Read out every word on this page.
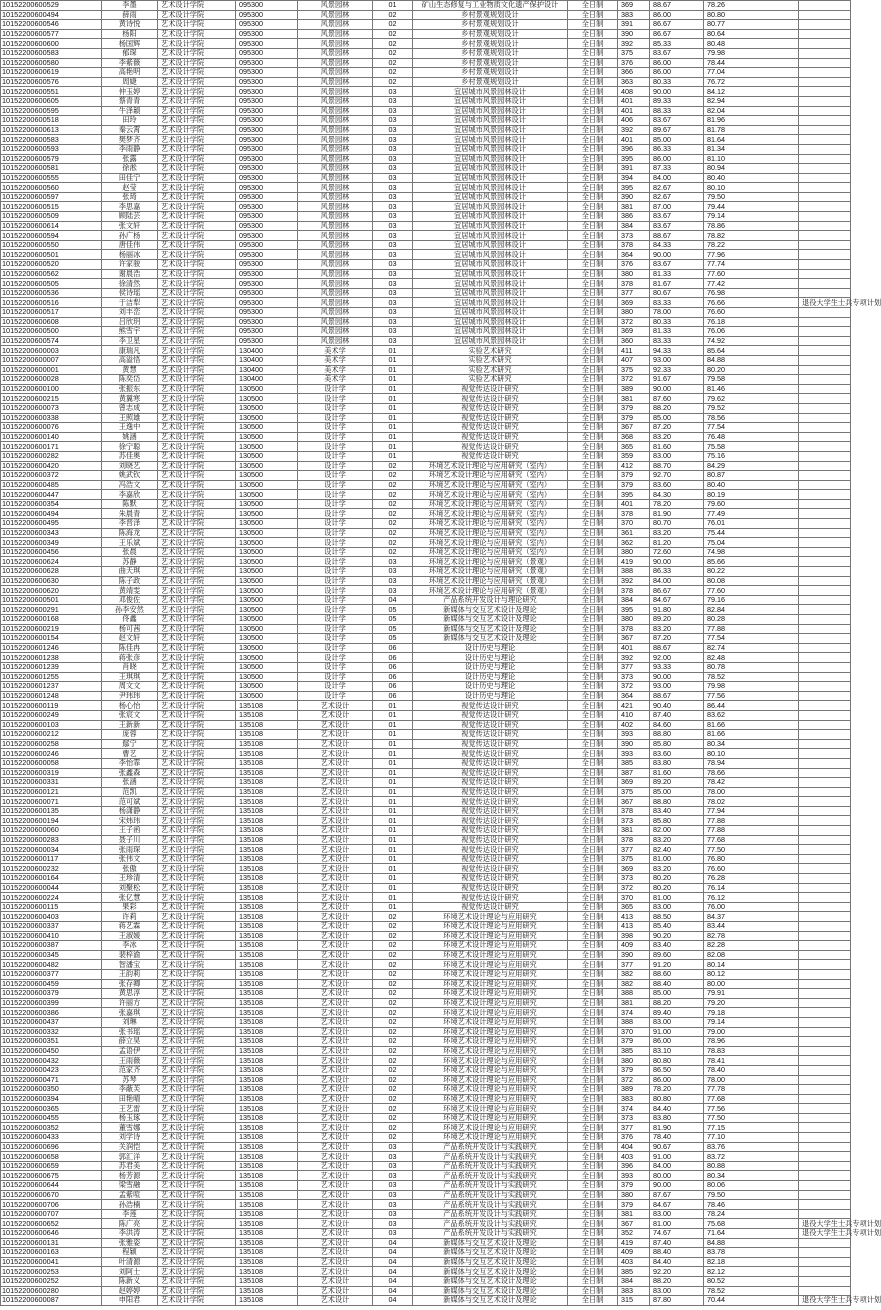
10152200600529	李墨	艺术设计学院	095300	风景园林	01	矿山生态修复与工业物质文化遗产保护设计	全日制	369	88.67	78.26	
10152200600494	薛雨	艺术设计学院	095300	风景园林	02	乡村景观规划设计	全日制	383	86.00	80.80	
10152200600546	黄诗悦	艺术设计学院	095300	风景园林	02	乡村景观规划设计	全日制	391	86.67	80.77	
10152200600577	杨阳	艺术设计学院	095300	风景园林	02	乡村景观规划设计	全日制	390	86.67	80.64	
10152200600600	杨国辉	艺术设计学院	095300	风景园林	02	乡村景观规划设计	全日制	392	85.33	80.48	
10152200600583	郁琛	艺术设计学院	095300	风景园林	02	乡村景观规划设计	全日制	375	83.67	79.98	
10152200600580	李紫薇	艺术设计学院	095300	风景园林	02	乡村景观规划设计	全日制	376	86.00	78.44	
10152200600619	高艳明	艺术设计学院	095300	风景园林	02	乡村景观规划设计	全日制	366	86.00	77.04	
10152200600576	周婕	艺术设计学院	095300	风景园林	02	乡村景观规划设计	全日制	363	80.33	76.72	
10152200600551	仲玉婷	艺术设计学院	095300	风景园林	03	宜居城市风景园林设计	全日制	408	90.00	84.12	
10152200600605	蔡青青	艺术设计学院	095300	风景园林	03	宜居城市风景园林设计	全日制	401	89.33	82.94	
10152200600595	牛泽颖	艺术设计学院	095300	风景园林	03	宜居城市风景园林设计	全日制	401	88.33	82.04	
10152200600518	田玲	艺术设计学院	095300	风景园林	03	宜居城市风景园林设计	全日制	406	83.67	81.96	
10152200600613	秦云霄	艺术设计学院	095300	风景园林	03	宜居城市风景园林设计	全日制	392	89.67	81.78	
10152200600583	樊梦齐	艺术设计学院	095300	风景园林	03	宜居城市风景园林设计	全日制	401	85.00	81.64	
10152200600593	李雨静	艺术设计学院	095300	风景园林	03	宜居城市风景园林设计	全日制	396	86.33	81.34	
10152200600579	张露	艺术设计学院	095300	风景园林	03	宜居城市风景园林设计	全日制	395	86.00	81.10	
10152200600581	徐淞	艺术设计学院	095300	风景园林	03	宜居城市风景园林设计	全日制	391	87.33	80.94	
10152200600555	田佳宁	艺术设计学院	095300	风景园林	03	宜居城市风景园林设计	全日制	394	84.00	80.40	
10152200600560	赵莹	艺术设计学院	095300	风景园林	03	宜居城市风景园林设计	全日制	395	82.67	80.10	
10152200600597	张琦	艺术设计学院	095300	风景园林	03	宜居城市风景园林设计	全日制	390	82.67	79.50	
10152200600515	李思嘉	艺术设计学院	095300	风景园林	03	宜居城市风景园林设计	全日制	381	87.00	79.44	
10152200600509	顾陆芸	艺术设计学院	095300	风景园林	03	宜居城市风景园林设计	全日制	386	83.67	79.14	
10152200600614	张文轩	艺术设计学院	095300	风景园林	03	宜居城市风景园林设计	全日制	384	83.67	78.86	
10152200600594	孙广杨	艺术设计学院	095300	风景园林	03	宜居城市风景园林设计	全日制	373	88.67	78.82	
10152200600550	唐佳伟	艺术设计学院	095300	风景园林	03	宜居城市风景园林设计	全日制	378	84.33	78.22	
10152200600501	杨丽冰	艺术设计学院	095300	风景园林	03	宜居城市风景园林设计	全日制	364	90.00	77.96	
10152200600520	许家骏	艺术设计学院	095300	风景园林	03	宜居城市风景园林设计	全日制	376	83.67	77.74	
10152200600562	谢晨浩	艺术设计学院	095300	风景园林	03	宜居城市风景园林设计	全日制	380	81.33	77.60	
10152200600505	徐清然	艺术设计学院	095300	风景园林	03	宜居城市风景园林设计	全日制	378	81.67	77.42	
10152200600536	侯诗瑶	艺术设计学院	095300	风景园林	03	宜居城市风景园林设计	全日制	377	80.67	76.98	
10152200600516	于洁犁	艺术设计学院	095300	风景园林	03	宜居城市风景园林设计	全日制	369	83.33	76.66	退役大学生士兵专项计划
10152200600517	刘丰峦	艺术设计学院	095300	风景园林	03	宜居城市风景园林设计	全日制	380	78.00	76.60	
10152200600608	吕欣玥	艺术设计学院	095300	风景园林	03	宜居城市风景园林设计	全日制	372	80.33	76.18	
10152200600500	熊雪宇	艺术设计学院	095300	风景园林	03	宜居城市风景园林设计	全日制	369	81.33	76.06	
10152200600574	李卫星	艺术设计学院	095300	风景园林	03	宜居城市风景园林设计	全日制	360	83.33	74.92	
10152200600003	康瑞凡	艺术设计学院	130400	美术学	01	实验艺术研究	全日制	411	94.33	85.64	
10152200600007	高溢悟	艺术设计学院	130400	美术学	01	实验艺术研究	全日制	407	93.00	84.88	
10152200600001	黄慧	艺术设计学院	130400	美术学	01	实验艺术研究	全日制	375	92.33	80.20	
10152200600028	陈奕岱	艺术设计学院	130400	美术学	01	实验艺术研究	全日制	372	91.67	79.58	
10152200600100	张振东	艺术设计学院	130500	设计学	01	视觉传达设计研究	全日制	389	90.00	81.46	
10152200600215	黄翼寒	艺术设计学院	130500	设计学	01	视觉传达设计研究	全日制	381	87.60	79.62	
10152200600073	曾志成	艺术设计学院	130500	设计学	01	视觉传达设计研究	全日制	379	88.20	79.52	
10152200600338	王照雄	艺术设计学院	130500	设计学	01	视觉传达设计研究	全日制	379	85.00	78.56	
10152200600076	王逸中	艺术设计学院	130500	设计学	01	视觉传达设计研究	全日制	367	87.20	77.54	
10152200600140	姚涵	艺术设计学院	130500	设计学	01	视觉传达设计研究	全日制	368	83.20	76.48	
10152200600171	徐宁聪	艺术设计学院	130500	设计学	01	视觉传达设计研究	全日制	365	81.60	75.58	
10152200600282	苏佳奥	艺术设计学院	130500	设计学	01	视觉传达设计研究	全日制	359	83.00	75.16	
10152200600420	刘晓艺	艺术设计学院	130500	设计学	02	环境艺术设计理论与应用研究（室内）	全日制	412	88.70	84.29	
10152200600372	姚武钦	艺术设计学院	130500	设计学	02	环境艺术设计理论与应用研究（室内）	全日制	379	92.70	80.87	
10152200600485	冯浩文	艺术设计学院	130500	设计学	02	环境艺术设计理论与应用研究（室内）	全日制	379	83.60	80.40	
10152200600447	李嘉欣	艺术设计学院	130500	设计学	02	环境艺术设计理论与应用研究（室内）	全日制	395	84.30	80.19	
10152200600354	陈默	艺术设计学院	130500	设计学	02	环境艺术设计理论与应用研究（室内）	全日制	401	78.20	79.60	
10152200600494	朱晨青	艺术设计学院	130500	设计学	02	环境艺术设计理论与应用研究（室内）	全日制	378	81.90	77.49	
10152200600495	李晋泽	艺术设计学院	130500	设计学	02	环境艺术设计理论与应用研究（室内）	全日制	370	80.70	76.01	
10152200600343	陈海龙	艺术设计学院	130500	设计学	02	环境艺术设计理论与应用研究（室内）	全日制	361	83.20	75.44	
10152200600349	王乐斌	艺术设计学院	130500	设计学	02	环境艺术设计理论与应用研究（室内）	全日制	362	81.20	75.04	
10152200600456	张晨	艺术设计学院	130500	设计学	02	环境艺术设计理论与应用研究（室内）	全日制	380	72.60	74.98	
10152200600624	苏静	艺术设计学院	130500	设计学	03	环境艺术设计理论与应用研究（景观）	全日制	419	90.00	85.66	
10152200600628	曲天琪	艺术设计学院	130500	设计学	03	环境艺术设计理论与应用研究（景观）	全日制	388	86.33	80.22	
10152200600630	陈子政	艺术设计学院	130500	设计学	03	环境艺术设计理论与应用研究（景观）	全日制	392	84.00	80.08	
10152200600620	黄靖雯	艺术设计学院	130500	设计学	03	环境艺术设计理论与应用研究（景观）	全日制	378	86.67	77.60	
10152200600501	邓俊佐	艺术设计学院	130500	设计学	04	产品系统开发设计与理论研究	全日制	384	84.67	79.16	
10152200600291	孙李安然	艺术设计学院	130500	设计学	05	新媒体与交互艺术设计及理论	全日制	395	91.80	82.84	
10152200600168	佟鑫	艺术设计学院	130500	设计学	05	新媒体与交互艺术设计及理论	全日制	380	89.20	80.28	
10152200600219	杨可茜	艺术设计学院	130500	设计学	05	新媒体与交互艺术设计及理论	全日制	378	83.20	77.88	
10152200600154	赵文轩	艺术设计学院	130500	设计学	05	新媒体与交互艺术设计及理论	全日制	367	87.20	77.54	
10152200601246	陈佳冉	艺术设计学院	130500	设计学	06	设计历史与理论	全日制	401	88.67	82.74	
10152200601238	蒋张彦	艺术设计学院	130500	设计学	06	设计历史与理论	全日制	392	92.00	82.48	
10152200601239	肖晓	艺术设计学院	130500	设计学	06	设计历史与理论	全日制	377	93.33	80.78	
10152200601255	王琪琪	艺术设计学院	130500	设计学	06	设计历史与理论	全日制	373	90.00	78.52	
10152200601237	周文文	艺术设计学院	130500	设计学	06	设计历史与理论	全日制	372	93.00	79.98	
10152200601248	尹玮玮	艺术设计学院	130500	设计学	06	设计历史与理论	全日制	364	88.67	77.56	
10152200600119	杨心怡	艺术设计学院	135108	艺术设计	01	视觉传达设计研究	全日制	421	90.40	86.44	
10152200600249	张宸文	艺术设计学院	135108	艺术设计	01	视觉传达设计研究	全日制	410	87.40	83.62	
10152200600103	王新新	艺术设计学院	135108	艺术设计	01	视觉传达设计研究	全日制	402	84.60	81.66	
10152200600212	庞蓉	艺术设计学院	135108	艺术设计	01	视觉传达设计研究	全日制	393	88.80	81.66	
10152200600258	鄢宁	艺术设计学院	135108	艺术设计	01	视觉传达设计研究	全日制	390	85.80	80.34	
10152200600246	曹艺	艺术设计学院	135108	艺术设计	01	视觉传达设计研究	全日制	393	83.60	80.10	
10152200600058	李怡霏	艺术设计学院	135108	艺术设计	01	视觉传达设计研究	全日制	385	83.80	78.94	
10152200600319	张鑫森	艺术设计学院	135108	艺术设计	01	视觉传达设计研究	全日制	387	81.60	78.66	
10152200600331	张涵	艺术设计学院	135108	艺术设计	01	视觉传达设计研究	全日制	369	89.20	78.42	
10152200600121	范凯	艺术设计学院	135108	艺术设计	01	视觉传达设计研究	全日制	375	85.00	78.00	
10152200600071	范可斌	艺术设计学院	135108	艺术设计	01	视觉传达设计研究	全日制	367	88.80	78.02	
10152200600135	杨潇静	艺术设计学院	135108	艺术设计	01	视觉传达设计研究	全日制	378	83.40	77.94	
10152200600194	宋炜玮	艺术设计学院	135108	艺术设计	01	视觉传达设计研究	全日制	373	85.80	77.88	
10152200600060	王子函	艺术设计学院	135108	艺术设计	01	视觉传达设计研究	全日制	381	82.00	77.88	
10152200600283	聂子川	艺术设计学院	135108	艺术设计	01	视觉传达设计研究	全日制	378	83.20	77.68	
10152200600034	张雨琛	艺术设计学院	135108	艺术设计	01	视觉传达设计研究	全日制	377	82.40	77.50	
10152200600117	张伟文	艺术设计学院	135108	艺术设计	01	视觉传达设计研究	全日制	375	81.00	76.80	
10152200600232	张傲	艺术设计学院	135108	艺术设计	01	视觉传达设计研究	全日制	369	83.20	76.60	
10152200600164	王珍清	艺术设计学院	135108	艺术设计	01	视觉传达设计研究	全日制	373	80.20	76.28	
10152200600044	刘聚松	艺术设计学院	135108	艺术设计	01	视觉传达设计研究	全日制	372	80.20	76.14	
10152200600224	张亿慧	艺术设计学院	135108	艺术设计	01	视觉传达设计研究	全日制	370	81.00	76.12	
10152200600115	果彩	艺术设计学院	135108	艺术设计	01	视觉传达设计研究	全日制	365	83.00	76.00	
10152200600403	许莉	艺术设计学院	135108	艺术设计	02	环境艺术设计理论与应用研究	全日制	413	88.50	84.37	
10152200600337	蒋艺霖	艺术设计学院	135108	艺术设计	02	环境艺术设计理论与应用研究	全日制	413	85.40	83.44	
10152200600410	王淑媛	艺术设计学院	135108	艺术设计	02	环境艺术设计理论与应用研究	全日制	398	90.20	82.78	
10152200600387	李冰	艺术设计学院	135108	艺术设计	02	环境艺术设计理论与应用研究	全日制	409	83.40	82.28	
10152200600345	裴梓渝	艺术设计学院	135108	艺术设计	02	环境艺术设计理论与应用研究	全日制	390	89.60	82.08	
10152200600482	智潘宝	艺术设计学院	135108	艺术设计	02	环境艺术设计理论与应用研究	全日制	377	91.20	80.14	
10152200600377	王韵莉	艺术设计学院	135108	艺术设计	02	环境艺术设计理论与应用研究	全日制	382	88.60	80.12	
10152200600459	张存卿	艺术设计学院	135108	艺术设计	02	环境艺术设计理论与应用研究	全日制	382	88.40	80.00	
10152200600379	黄思淳	艺术设计学院	135108	艺术设计	02	环境艺术设计理论与应用研究	全日制	388	85.00	79.91	
10152200600399	许丽方	艺术设计学院	135108	艺术设计	02	环境艺术设计理论与应用研究	全日制	381	88.20	79.20	
10152200600386	张嘉琪	艺术设计学院	135108	艺术设计	02	环境艺术设计理论与应用研究	全日制	374	89.40	79.18	
10152200600437	刘琳	艺术设计学院	135108	艺术设计	02	环境艺术设计理论与应用研究	全日制	388	83.00	79.14	
10152200600332	张书瑶	艺术设计学院	135108	艺术设计	02	环境艺术设计理论与应用研究	全日制	370	91.00	79.00	
10152200600351	薛立昊	艺术设计学院	135108	艺术设计	02	环境艺术设计理论与应用研究	全日制	379	86.00	78.96	
10152200600450	孟语伊	艺术设计学院	135108	艺术设计	02	环境艺术设计理论与应用研究	全日制	385	83.10	78.83	
10152200600432	王雨薇	艺术设计学院	135108	艺术设计	02	环境艺术设计理论与应用研究	全日制	380	80.80	78.41	
10152200600423	范家齐	艺术设计学院	135108	艺术设计	02	环境艺术设计理论与应用研究	全日制	379	86.50	78.40	
10152200600471	苏琴	艺术设计学院	135108	艺术设计	02	环境艺术设计理论与应用研究	全日制	372	86.00	78.00	
10152200600350	李蔽芙	艺术设计学院	135108	艺术设计	02	环境艺术设计理论与应用研究	全日制	389	78.20	77.78	
10152200600394	田艳晴	艺术设计学院	135108	艺术设计	02	环境艺术设计理论与应用研究	全日制	383	80.80	77.68	
10152200600365	王艺雷	艺术设计学院	135108	艺术设计	02	环境艺术设计理论与应用研究	全日制	374	84.40	77.56	
10152200600455	杨玉琢	艺术设计学院	135108	艺术设计	02	环境艺术设计理论与应用研究	全日制	373	83.80	77.50	
10152200600352	董雪娜	艺术设计学院	135108	艺术设计	02	环境艺术设计理论与应用研究	全日制	377	81.90	77.15	
10152200600433	刘学诗	艺术设计学院	135108	艺术设计	02	环境艺术设计理论与应用研究	全日制	376	78.40	77.10	
10152200600696	关润恺	艺术设计学院	135108	艺术设计	03	产品系统开发设计与实践研究	全日制	404	90.67	83.76	
10152200600658	郭汇洋	艺术设计学院	135108	艺术设计	03	产品系统开发设计与实践研究	全日制	403	91.00	83.72	
10152200600659	苏君美	艺术设计学院	135108	艺术设计	03	产品系统开发设计与实践研究	全日制	396	84.00	80.88	
10152200600675	杨芳源	艺术设计学院	135108	艺术设计	03	产品系统开发设计与实践研究	全日制	393	80.00	80.34	
10152200600644	梁雪融	艺术设计学院	135108	艺术设计	03	产品系统开发设计与实践研究	全日制	379	90.00	80.06	
10152200600670	孟紫喧	艺术设计学院	135108	艺术设计	03	产品系统开发设计与实践研究	全日制	380	87.67	79.50	
10152200600706	孙浩楠	艺术设计学院	135108	艺术设计	03	产品系统开发设计与实践研究	全日制	379	84.67	78.46	
10152200600707	李莲	艺术设计学院	135108	艺术设计	03	产品系统开发设计与实践研究	全日制	381	83.00	78.24	
10152200600652	陈广亮	艺术设计学院	135108	艺术设计	03	产品系统开发设计与实践研究	全日制	367	81.00	75.68	退役大学生士兵专项计划
10152200600646	李洪涛	艺术设计学院	135108	艺术设计	03	产品系统开发设计与实践研究	全日制	352	74.67	71.64	退役大学生士兵专项计划
10152200600131	张雅姿	艺术设计学院	135108	艺术设计	04	新媒体与交互艺术设计及理论	全日制	419	87.40	84.88	
10152200600163	程颖	艺术设计学院	135108	艺术设计	04	新媒体与交互艺术设计及理论	全日制	409	88.40	83.78	
10152200600041	叶清源	艺术设计学院	135108	艺术设计	04	新媒体与交互艺术设计及理论	全日制	403	84.40	82.18	
10152200600253	刘阿士	艺术设计学院	135108	艺术设计	04	新媒体与交互艺术设计及理论	全日制	385	92.20	82.12	
10152200600252	陈新义	艺术设计学院	135108	艺术设计	04	新媒体与交互艺术设计及理论	全日制	384	88.20	80.52	
10152200600280	赵婷婷	艺术设计学院	135108	艺术设计	04	新媒体与交互艺术设计及理论	全日制	383	83.00	78.52	
10152200600087	申阳君	艺术设计学院	135108	艺术设计	04	新媒体与交互艺术设计及理论	全日制	315	87.80	70.44	退役大学生士兵专项计划
